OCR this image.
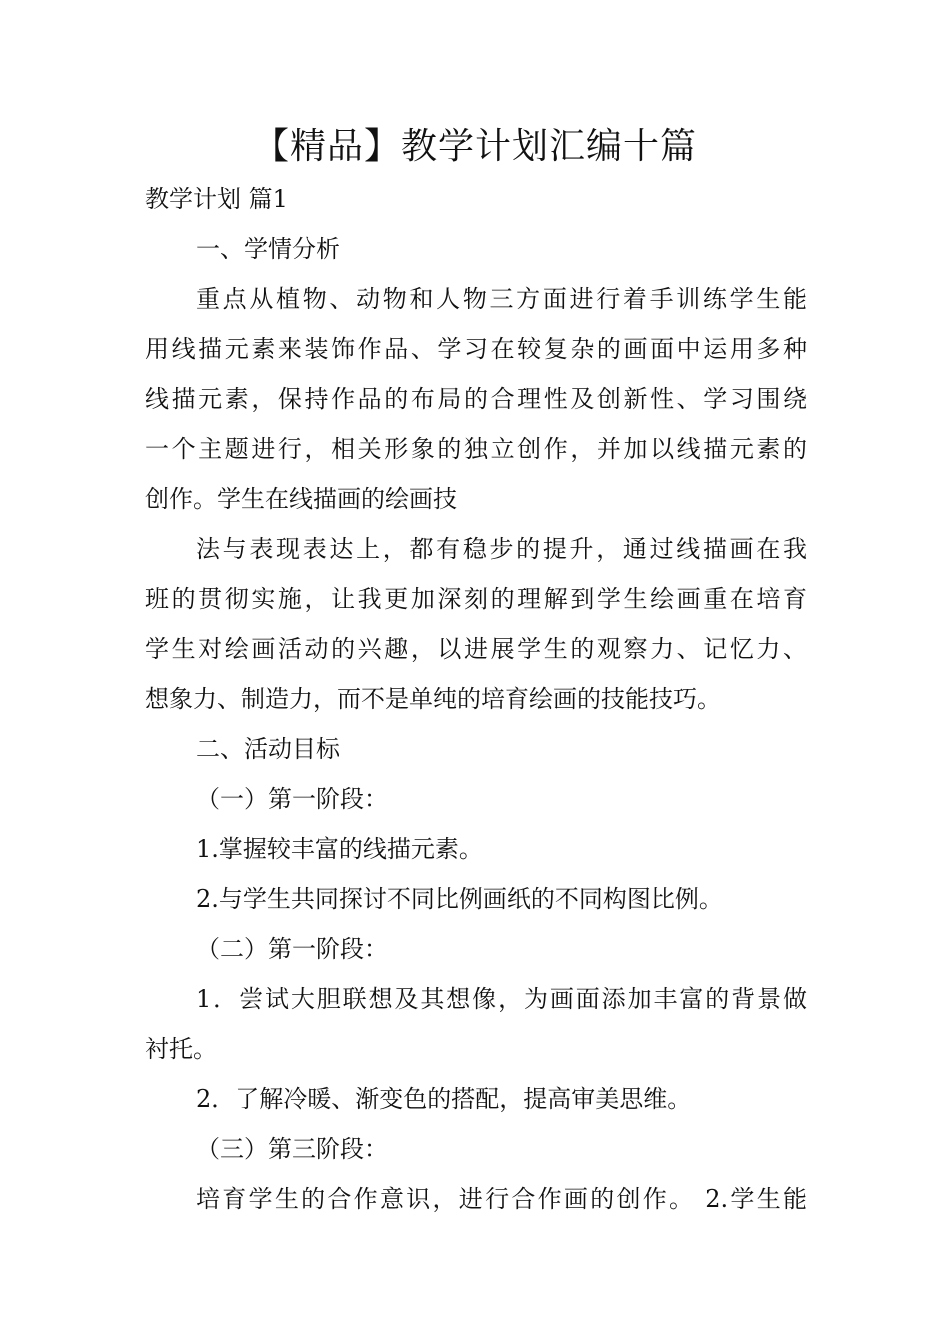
【精品】教学计划汇编十篇
教学计划 篇1
一、学情分析
重点从植物、动物和人物三方面进行着手训练学生能
用线描元素来装饰作品、学习在较复杂的画面中运用多种
线描元素，保持作品的布局的合理性及创新性、学习围绕
一个主题进行，相关形象的独立创作，并加以线描元素的
创作。学生在线描画的绘画技
法与表现表达上，都有稳步的提升，通过线描画在我
班的贯彻实施，让我更加深刻的理解到学生绘画重在培育
学生对绘画活动的兴趣，以进展学生的观察力、记忆力、
想象力、制造力，而不是单纯的培育绘画的技能技巧。
二、活动目标
（一）第一阶段：
1.掌握较丰富的线描元素。
2.与学生共同探讨不同比例画纸的不同构图比例。
（二）第一阶段：
1．尝试大胆联想及其想像，为画面添加丰富的背景做
衬托。
2．了解冷暖、渐变色的搭配，提高审美思维。
（三）第三阶段：
培育学生的合作意识，进行合作画的创作。 2.学生能
